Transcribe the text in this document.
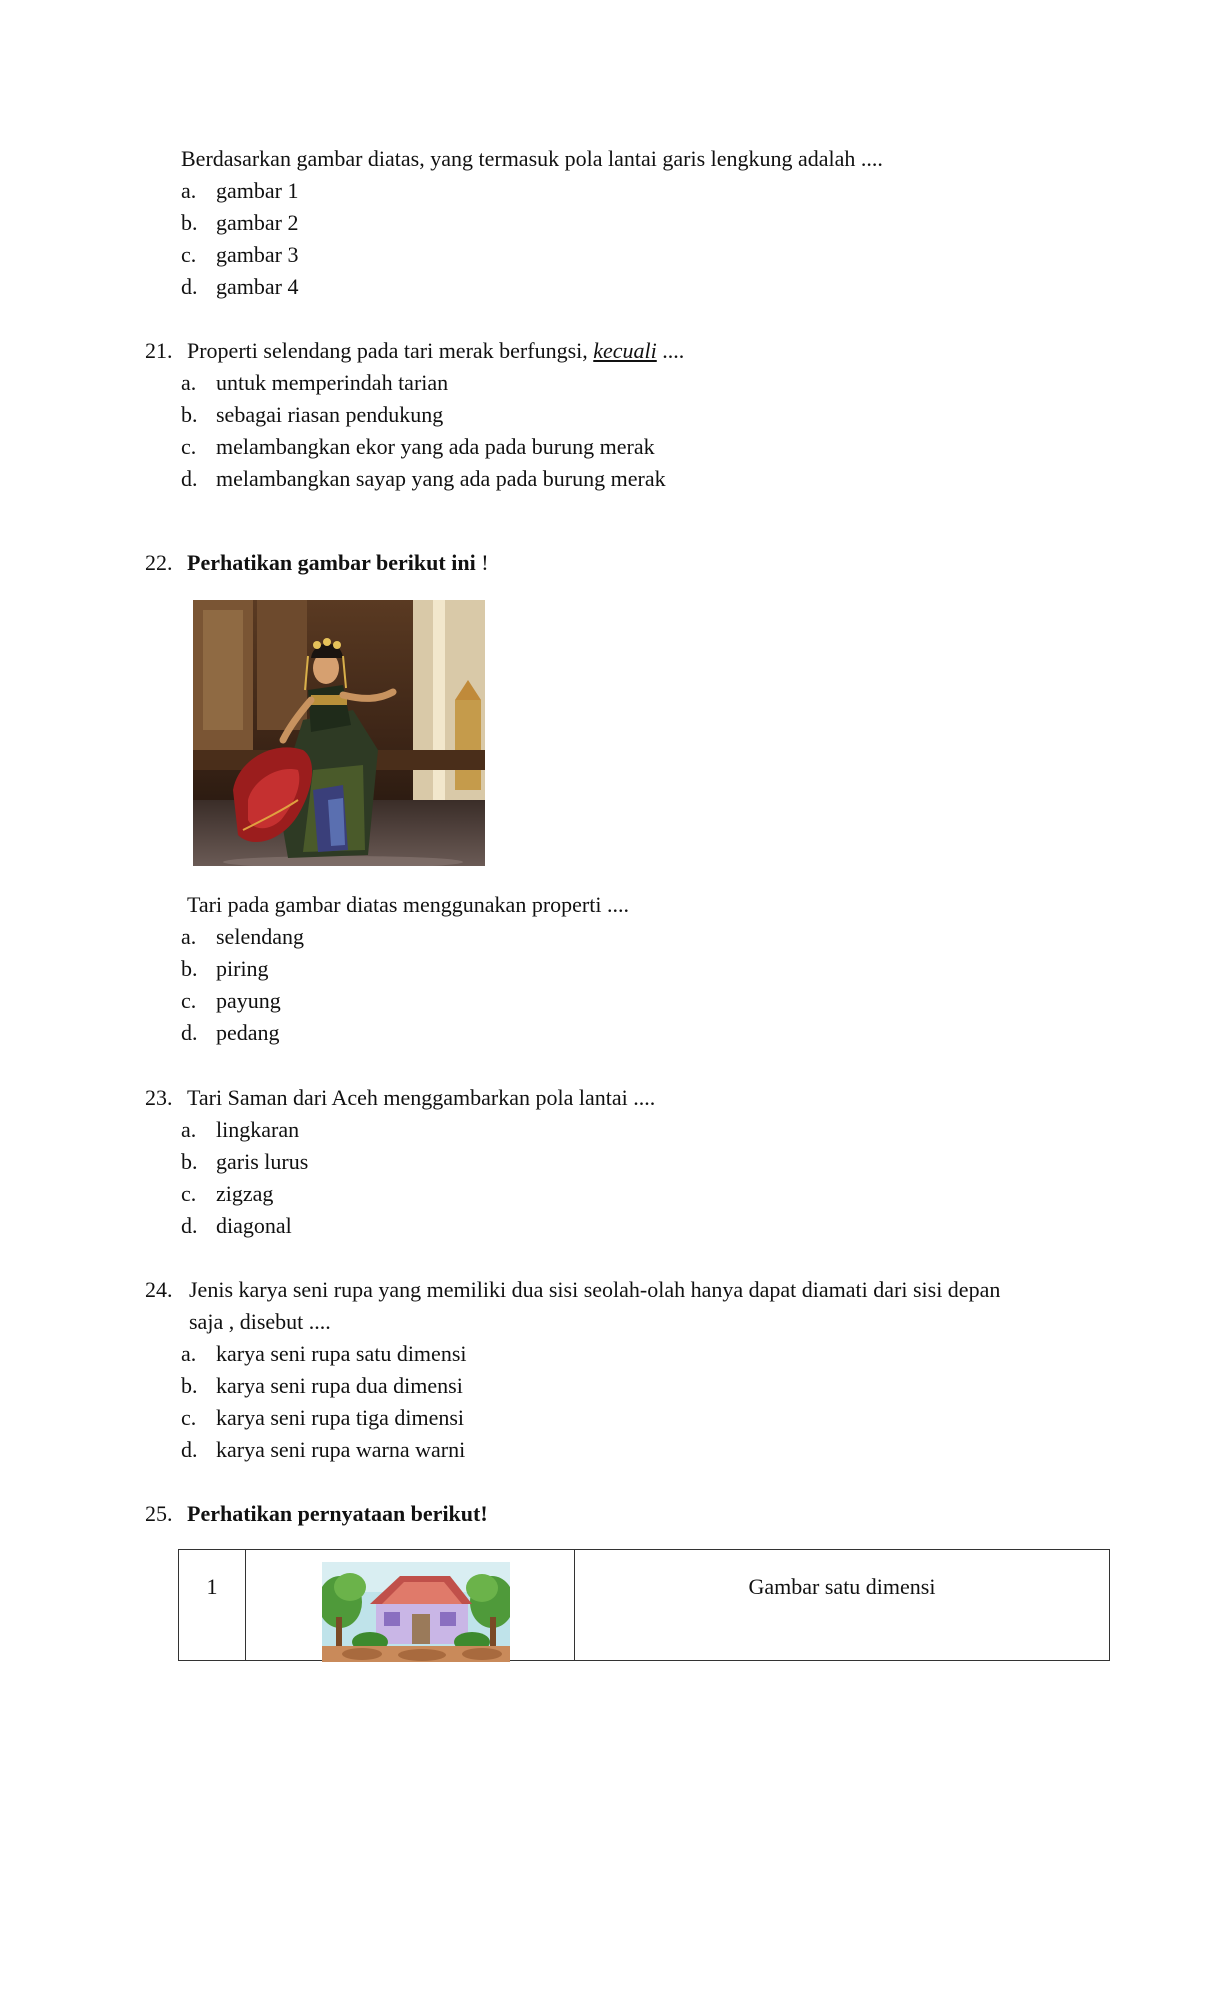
Berdasarkan gambar diatas, yang termasuk pola lantai garis lengkung adalah ....
a. gambar 1
b. gambar 2
c. gambar 3
d. gambar 4
21. Properti selendang pada tari merak berfungsi, kecuali ....
a. untuk memperindah tarian
b. sebagai riasan pendukung
c. melambangkan ekor yang ada pada burung merak
d. melambangkan sayap yang ada pada burung merak
22. Perhatikan gambar berikut ini !
Tari pada gambar diatas menggunakan properti ....
a. selendang
b. piring
c. payung
d. pedang
23. Tari Saman dari Aceh menggambarkan pola lantai ....
a. lingkaran
b. garis lurus
c. zigzag
d. diagonal
24. Jenis karya seni rupa yang memiliki dua sisi seolah-olah hanya dapat diamati dari sisi depan
saja , disebut ....
a. karya seni rupa satu dimensi
b. karya seni rupa dua dimensi
c. karya seni rupa tiga dimensi
d. karya seni rupa warna warni
25. Perhatikan pernyataan berikut!
1		Gambar satu dimensi
